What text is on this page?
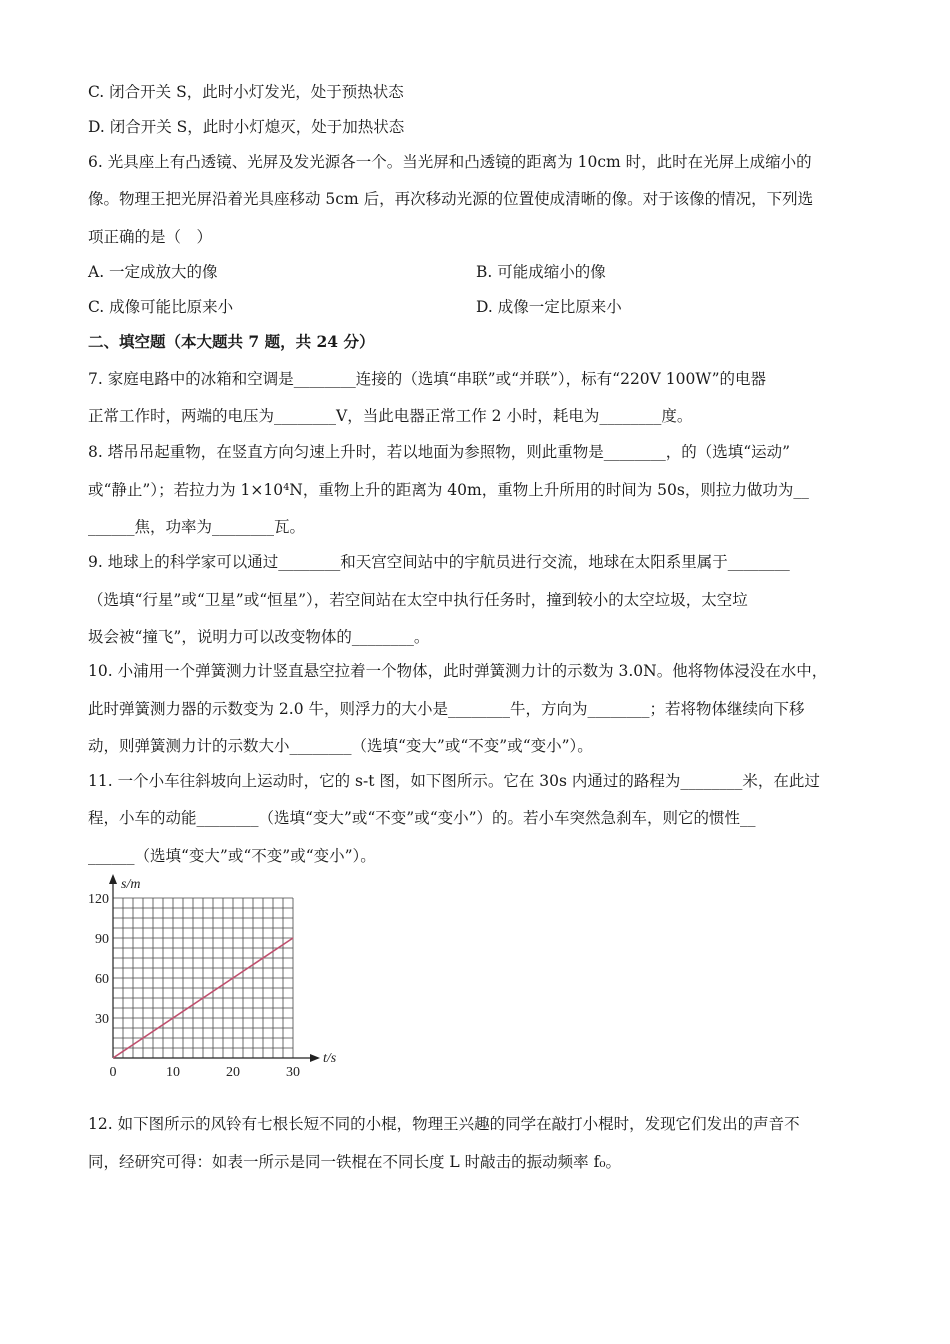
C. 闭合开关 S，此时小灯发光，处于预热状态
D. 闭合开关 S，此时小灯熄灭，处于加热状态
6. 光具座上有凸透镜、光屏及发光源各一个。当光屏和凸透镜的距离为 10cm 时，此时在光屏上成缩小的
像。物理王把光屏沿着光具座移动 5cm 后，再次移动光源的位置使成清晰的像。对于该像的情况，下列选
项正确的是（　）
A. 一定成放大的像	B. 可能成缩小的像
C. 成像可能比原来小	D. 成像一定比原来小
二、填空题（本大题共 7 题，共 24 分）
7. 家庭电路中的冰箱和空调是________连接的（选填“串联”或“并联”），标有“220V 100W”的电器
正常工作时，两端的电压为________V，当此电器正常工作 2 小时，耗电为________度。
8. 塔吊吊起重物，在竖直方向匀速上升时，若以地面为参照物，则此重物是________，的（选填“运动”
或“静止”）；若拉力为 1×10⁴N，重物上升的距离为 40m，重物上升所用的时间为 50s，则拉力做功为__
______焦，功率为________瓦。
9. 地球上的科学家可以通过________和天宫空间站中的宇航员进行交流，地球在太阳系里属于________
（选填“行星”或“卫星”或“恒星”），若空间站在太空中执行任务时，撞到较小的太空垃圾，太空垃
圾会被“撞飞”，说明力可以改变物体的________。
10. 小浦用一个弹簧测力计竖直悬空拉着一个物体，此时弹簧测力计的示数为 3.0N。他将物体浸没在水中，
此时弹簧测力器的示数变为 2.0 牛，则浮力的大小是________牛，方向为________；若将物体继续向下移
动，则弹簧测力计的示数大小________（选填“变大”或“不变”或“变小”）。
11. 一个小车往斜坡向上运动时，它的 s-t 图，如下图所示。它在 30s 内通过的路程为________米，在此过
程，小车的动能________（选填“变大”或“不变”或“变小”）的。若小车突然急刹车，则它的惯性__
______（选填“变大”或“不变”或“变小”）。
s/m
t/s
0	10	20	30
30
60
90
120
12. 如下图所示的风铃有七根长短不同的小棍，物理王兴趣的同学在敲打小棍时，发现它们发出的声音不
同，经研究可得：如表一所示是同一铁棍在不同长度 L 时敲击的振动频率 f₀。
